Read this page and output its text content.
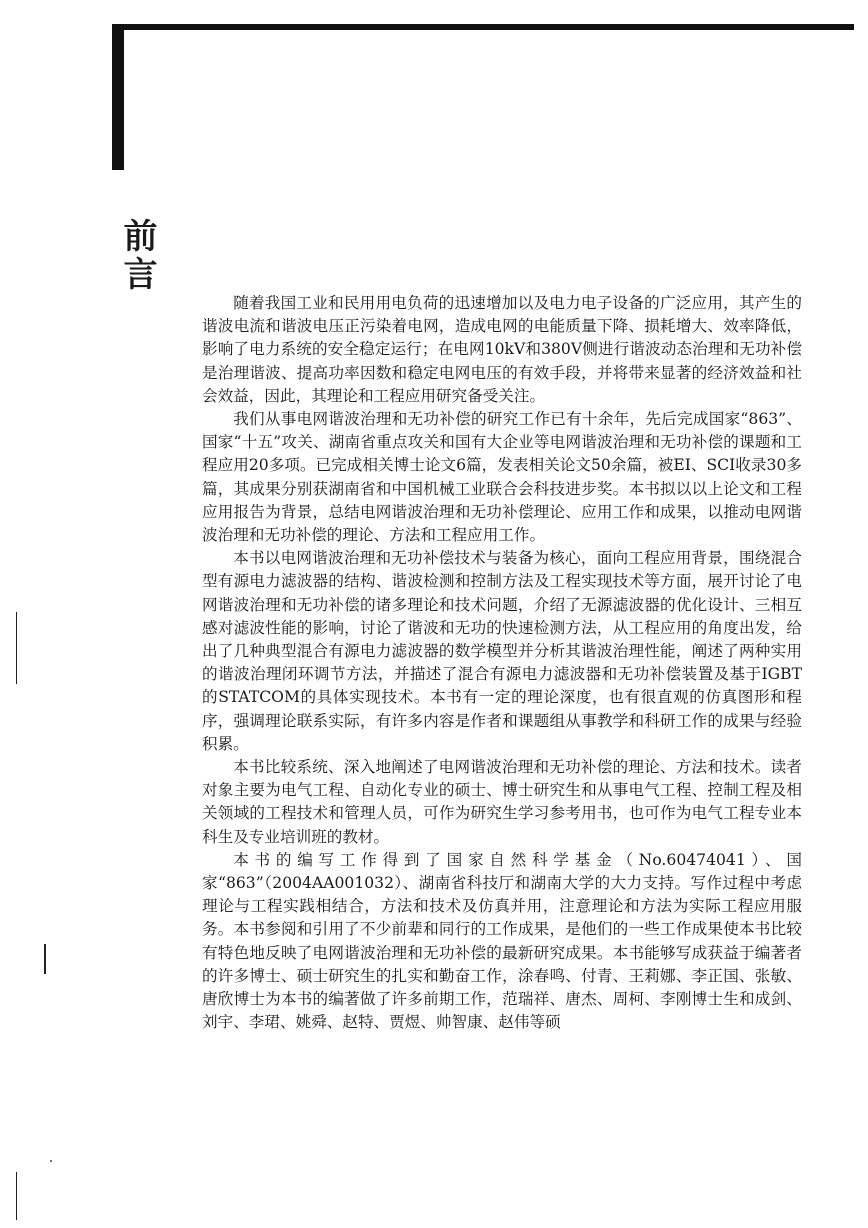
前言

随着我国工业和民用用电负荷的迅速增加以及电力电子设备的广泛应用，其产生的谐波电流和谐波电压正污染着电网，造成电网的电能质量下降、损耗增大、效率降低，影响了电力系统的安全稳定运行；在电网10kV和380V侧进行谐波动态治理和无功补偿是治理谐波、提高功率因数和稳定电网电压的有效手段，并将带来显著的经济效益和社会效益，因此，其理论和工程应用研究备受关注。

我们从事电网谐波治理和无功补偿的研究工作已有十余年，先后完成国家“863”、国家“十五”攻关、湖南省重点攻关和国有大企业等电网谐波治理和无功补偿的课题和工程应用20多项。已完成相关博士论文6篇，发表相关论文50余篇，被EI、SCI收录30多篇，其成果分别获湖南省和中国机械工业联合会科技进步奖。本书拟以以上论文和工程应用报告为背景，总结电网谐波治理和无功补偿理论、应用工作和成果，以推动电网谐波治理和无功补偿的理论、方法和工程应用工作。

本书以电网谐波治理和无功补偿技术与装备为核心，面向工程应用背景，围绕混合型有源电力滤波器的结构、谐波检测和控制方法及工程实现技术等方面，展开讨论了电网谐波治理和无功补偿的诸多理论和技术问题，介绍了无源滤波器的优化设计、三相互感对滤波性能的影响，讨论了谐波和无功的快速检测方法，从工程应用的角度出发，给出了几种典型混合有源电力滤波器的数学模型并分析其谐波治理性能，阐述了两种实用的谐波治理闭环调节方法，并描述了混合有源电力滤波器和无功补偿装置及基于IGBT的STATCOM的具体实现技术。本书有一定的理论深度，也有很直观的仿真图形和程序，强调理论联系实际，有许多内容是作者和课题组从事教学和科研工作的成果与经验积累。

本书比较系统、深入地阐述了电网谐波治理和无功补偿的理论、方法和技术。读者对象主要为电气工程、自动化专业的硕士、博士研究生和从事电气工程、控制工程及相关领域的工程技术和管理人员，可作为研究生学习参考用书，也可作为电气工程专业本科生及专业培训班的教材。

本书的编写工作得到了国家自然科学基金（No.60474041）、国家“863”（2004AA001032）、湖南省科技厅和湖南大学的大力支持。写作过程中考虑理论与工程实践相结合，方法和技术及仿真并用，注意理论和方法为实际工程应用服务。本书参阅和引用了不少前辈和同行的工作成果，是他们的一些工作成果使本书比较有特色地反映了电网谐波治理和无功补偿的最新研究成果。本书能够写成获益于编著者的许多博士、硕士研究生的扎实和勤奋工作，涂春鸣、付青、王莉娜、李正国、张敏、唐欣博士为本书的编著做了许多前期工作，范瑞祥、唐杰、周柯、李刚博士生和成剑、刘宇、李珺、姚舜、赵特、贾煜、帅智康、赵伟等硕
